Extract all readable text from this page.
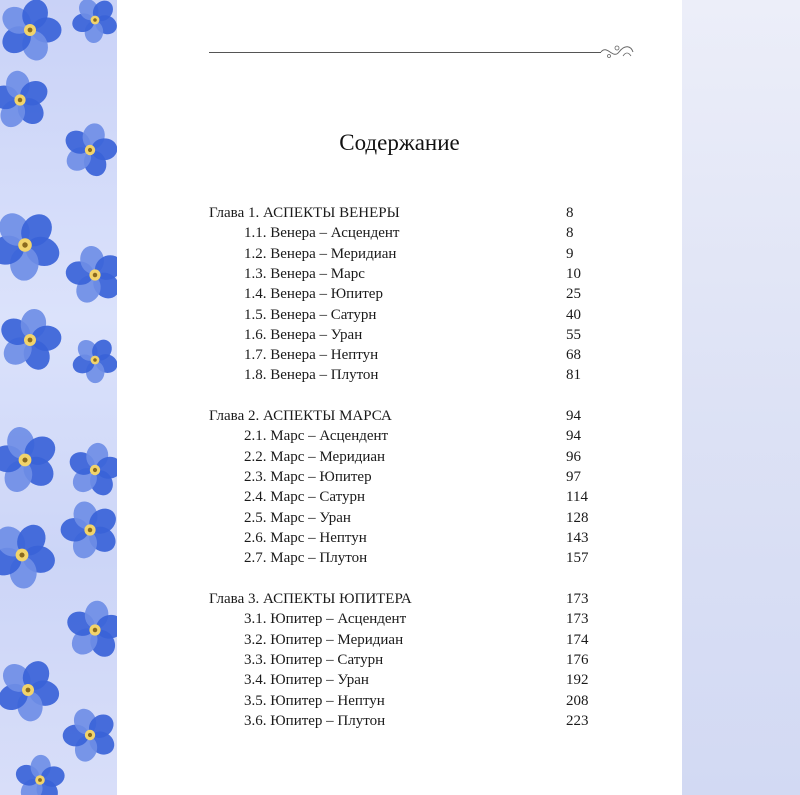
Содержание
Глава 1. АСПЕКТЫ ВЕНЕРЫ	8
1.1. Венера – Асцендент	8
1.2. Венера – Меридиан	9
1.3. Венера – Марс	10
1.4. Венера – Юпитер	25
1.5. Венера – Сатурн	40
1.6. Венера – Уран	55
1.7. Венера – Нептун	68
1.8. Венера – Плутон	81
Глава 2. АСПЕКТЫ МАРСА	94
2.1. Марс – Асцендент	94
2.2. Марс – Меридиан	96
2.3. Марс – Юпитер	97
2.4. Марс – Сатурн	114
2.5. Марс – Уран	128
2.6. Марс – Нептун	143
2.7. Марс – Плутон	157
Глава 3. АСПЕКТЫ ЮПИТЕРА	173
3.1. Юпитер – Асцендент	173
3.2. Юпитер – Меридиан	174
3.3. Юпитер – Сатурн	176
3.4. Юпитер – Уран	192
3.5. Юпитер – Нептун	208
3.6. Юпитер – Плутон	223
